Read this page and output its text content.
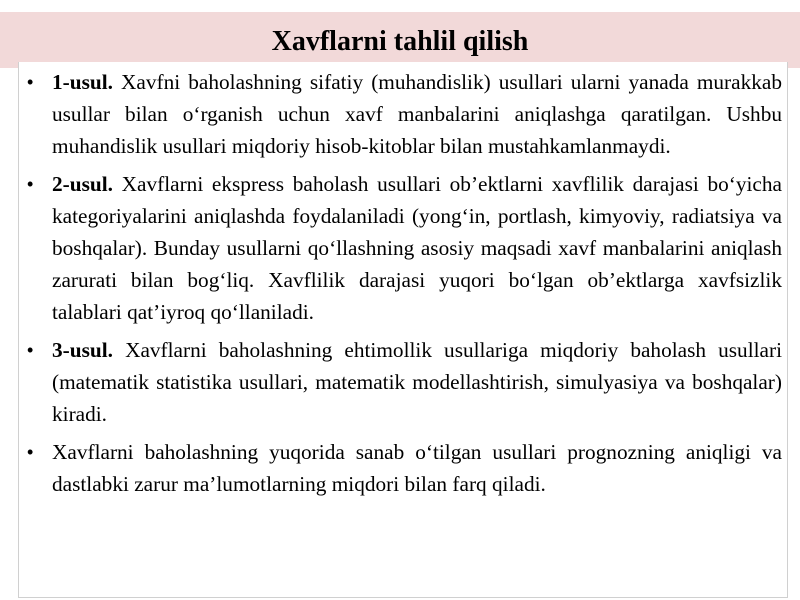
Xavflarni tahlil qilish
• 1-usul. Xavfni baholashning sifatiy (muhandislik) usullari ularni yanada murakkab usullar bilan o‘rganish uchun xavf manbalarini aniqlashga qaratilgan. Ushbu muhandislik usullari miqdoriy hisob-kitoblar bilan mustahkamlanmaydi.
• 2-usul. Xavflarni ekspress baholash usullari ob’ektlarni xavflilik darajasi bo‘yicha kategoriyalarini aniqlashda foydalaniladi (yong‘in, portlash, kimyoviy, radiatsiya va boshqalar). Bunday usullarni qo‘llashning asosiy maqsadi xavf manbalarini aniqlash zarurati bilan bog‘liq. Xavflilik darajasi yuqori bo‘lgan ob’ektlarga xavfsizlik talablari qat’iyroq qo‘llaniladi.
• 3-usul. Xavflarni baholashning ehtimollik usullariga miqdoriy baholash usullari (matematik statistika usullari, matematik modellashtirish, simulyasiya va boshqalar) kiradi.
• Xavflarni baholashning yuqorida sanab o‘tilgan usullari prognozning aniqligi va dastlabki zarur ma’lumotlarning miqdori bilan farq qiladi.
